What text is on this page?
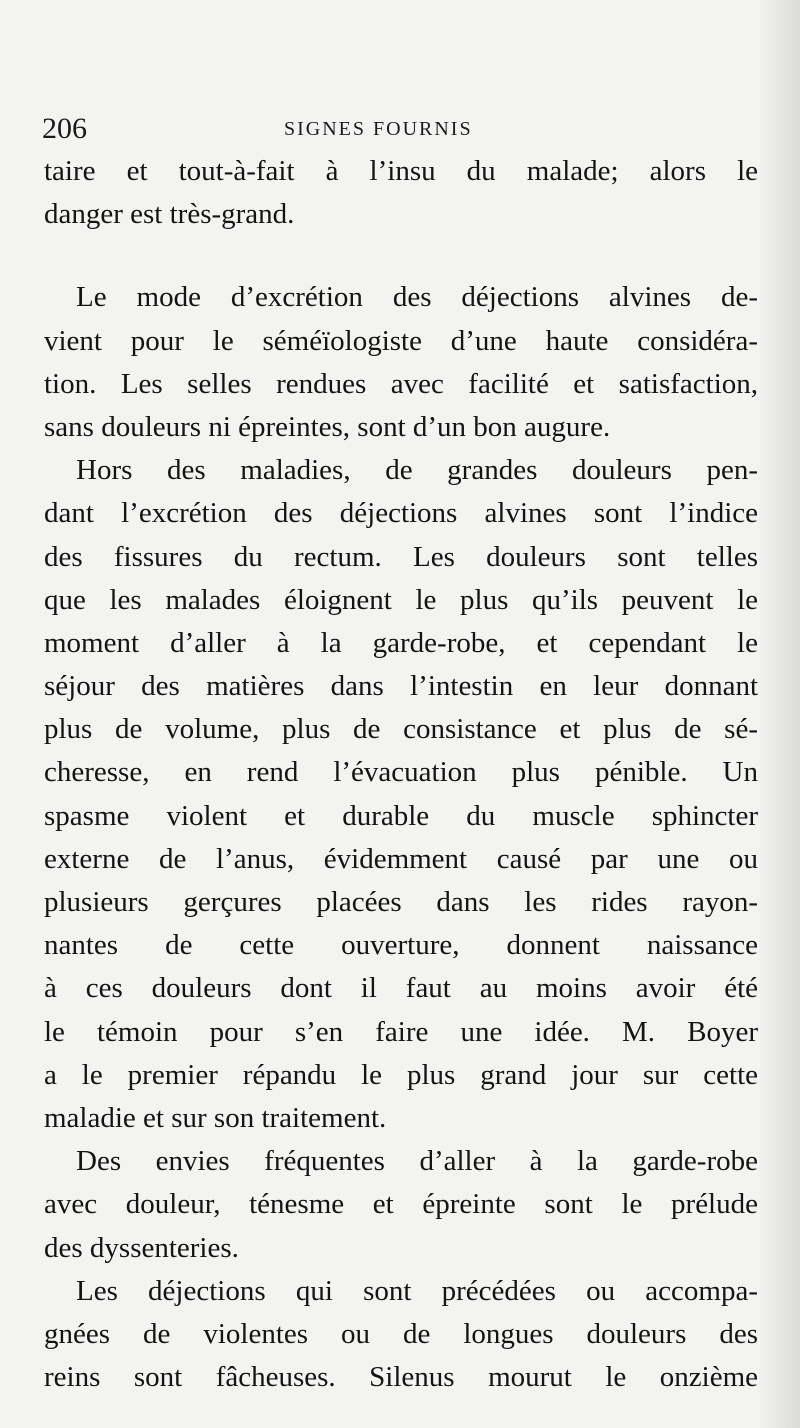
206	SIGNES FOURNIS
taire et tout-à-fait à l’insu du malade; alors le
danger est très-grand.
Le mode d’excrétion des déjections alvines de-
vient pour le séméïologiste d’une haute considéra-
tion. Les selles rendues avec facilité et satisfaction,
sans douleurs ni épreintes, sont d’un bon augure.
Hors des maladies, de grandes douleurs pen-
dant l’excrétion des déjections alvines sont l’indice
des fissures du rectum. Les douleurs sont telles
que les malades éloignent le plus qu’ils peuvent le
moment d’aller à la garde-robe, et cependant le
séjour des matières dans l’intestin en leur donnant
plus de volume, plus de consistance et plus de sé-
cheresse, en rend l’évacuation plus pénible. Un
spasme violent et durable du muscle sphincter
externe de l’anus, évidemment causé par une ou
plusieurs gerçures placées dans les rides rayon-
nantes de cette ouverture, donnent naissance
à ces douleurs dont il faut au moins avoir été
le témoin pour s’en faire une idée. M. Boyer
a le premier répandu le plus grand jour sur cette
maladie et sur son traitement.
Des envies fréquentes d’aller à la garde-robe
avec douleur, ténesme et épreinte sont le prélude
des dyssenteries.
Les déjections qui sont précédées ou accompa-
gnées de violentes ou de longues douleurs des
reins sont fâcheuses. Silenus mourut le onzième
